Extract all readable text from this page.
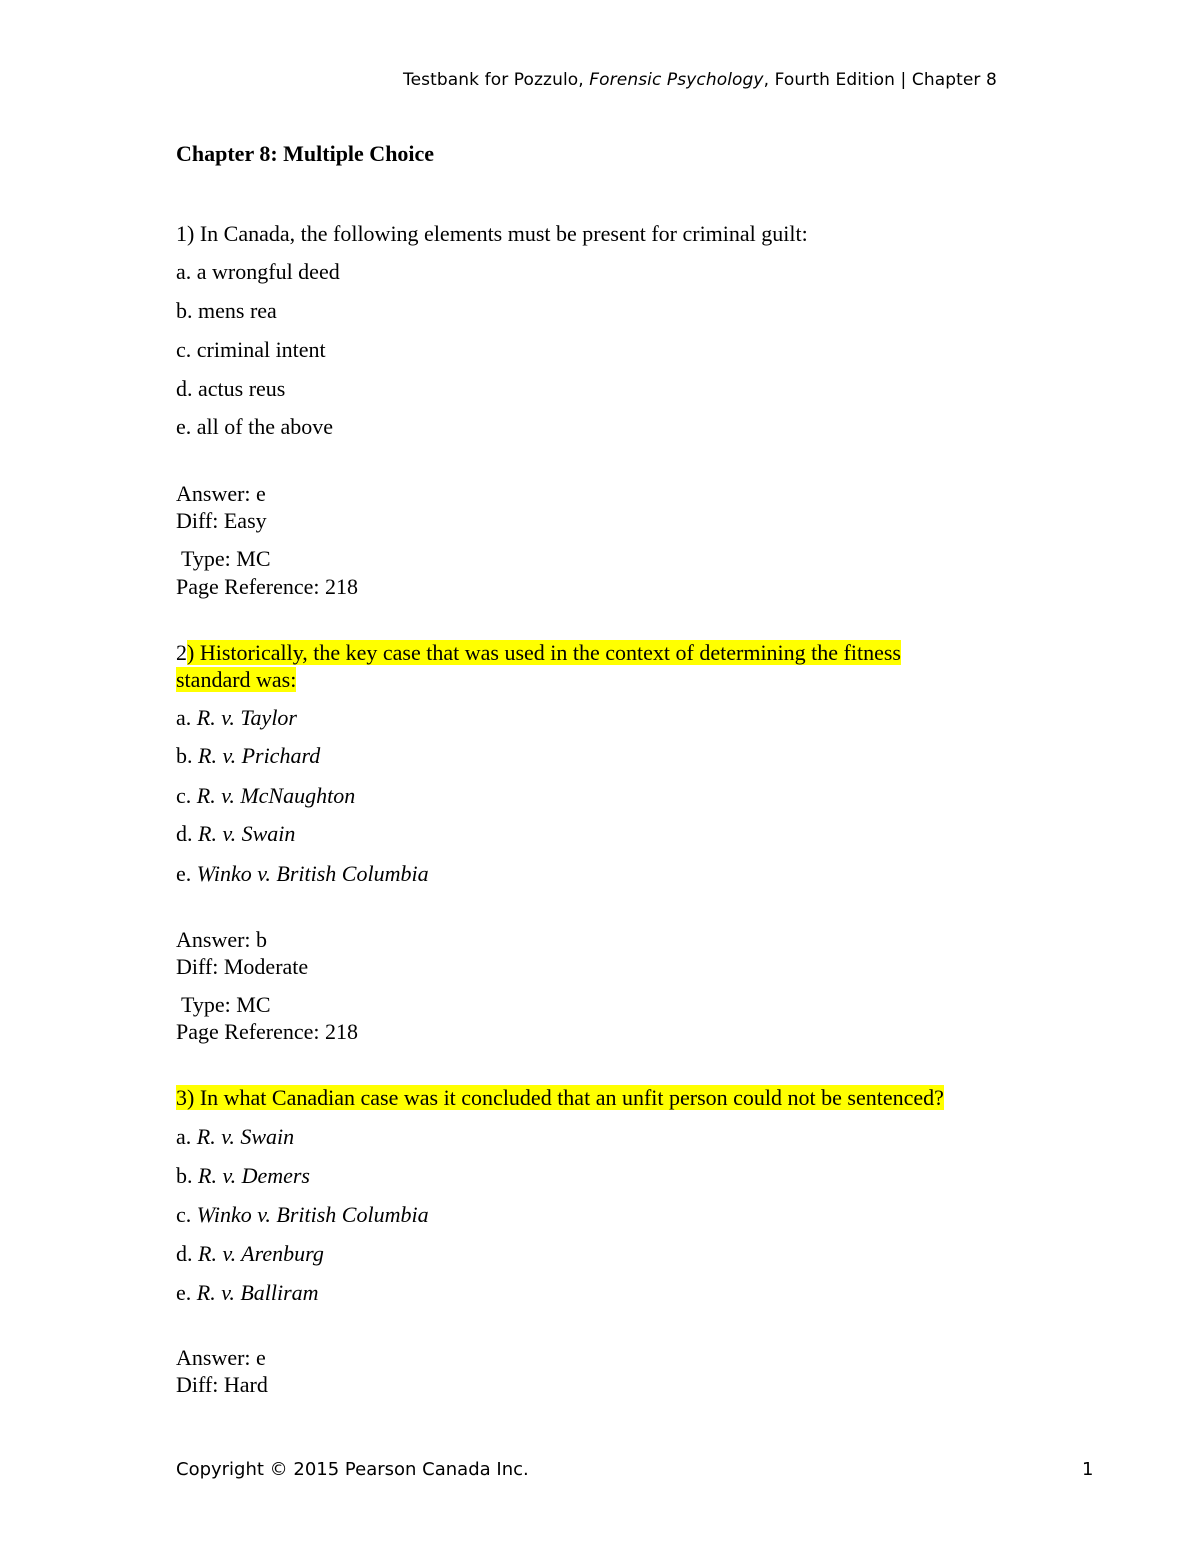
Testbank for Pozzulo, Forensic Psychology, Fourth Edition | Chapter 8
Chapter 8: Multiple Choice
1) In Canada, the following elements must be present for criminal guilt:
a. a wrongful deed
b. mens rea
c. criminal intent
d. actus reus
e. all of the above
Answer: e
Diff: Easy
Type: MC
Page Reference: 218
2) Historically, the key case that was used in the context of determining the fitness standard was:
a. R. v. Taylor
b. R. v. Prichard
c. R. v. McNaughton
d. R. v. Swain
e. Winko v. British Columbia
Answer: b
Diff: Moderate
Type: MC
Page Reference: 218
3) In what Canadian case was it concluded that an unfit person could not be sentenced?
a. R. v. Swain
b. R. v. Demers
c. Winko v. British Columbia
d. R. v. Arenburg
e. R. v. Balliram
Answer: e
Diff: Hard
Copyright © 2015 Pearson Canada Inc.	1
